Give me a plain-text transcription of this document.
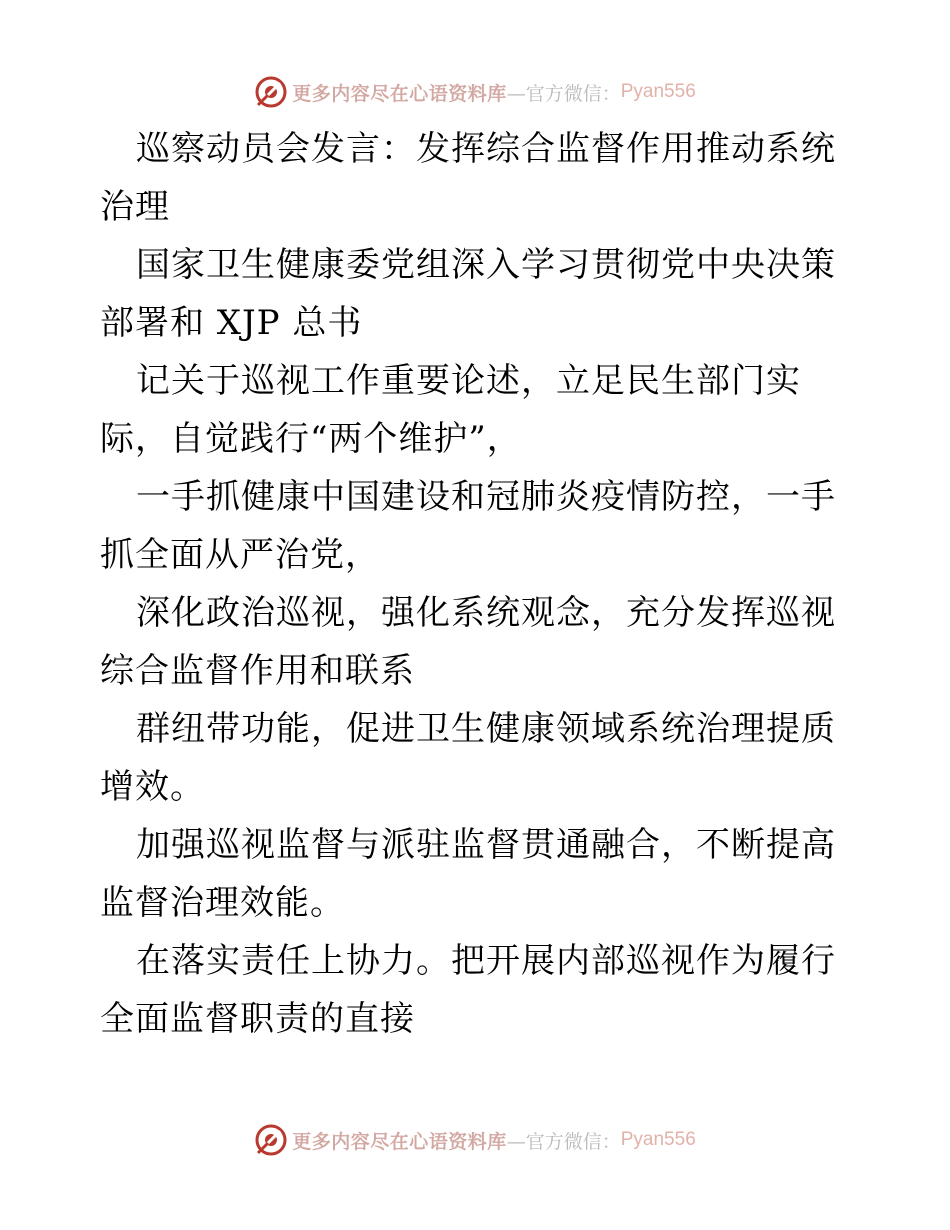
更多内容尽在心语资料库 —官方微信： Pyan556

巡察动员会发言：发挥综合监督作用推动系统治理

国家卫生健康委党组深入学习贯彻党中央决策部署和 XJP 总书

记关于巡视工作重要论述，立足民生部门实际，自觉践行“两个维护”，

一手抓健康中国建设和冠肺炎疫情防控，一手抓全面从严治党，

深化政治巡视，强化系统观念，充分发挥巡视综合监督作用和联系

群纽带功能，促进卫生健康领域系统治理提质增效。

加强巡视监督与派驻监督贯通融合，不断提高监督治理效能。

在落实责任上协力。把开展内部巡视作为履行全面监督职责的直接

更多内容尽在心语资料库 —官方微信： Pyan556
